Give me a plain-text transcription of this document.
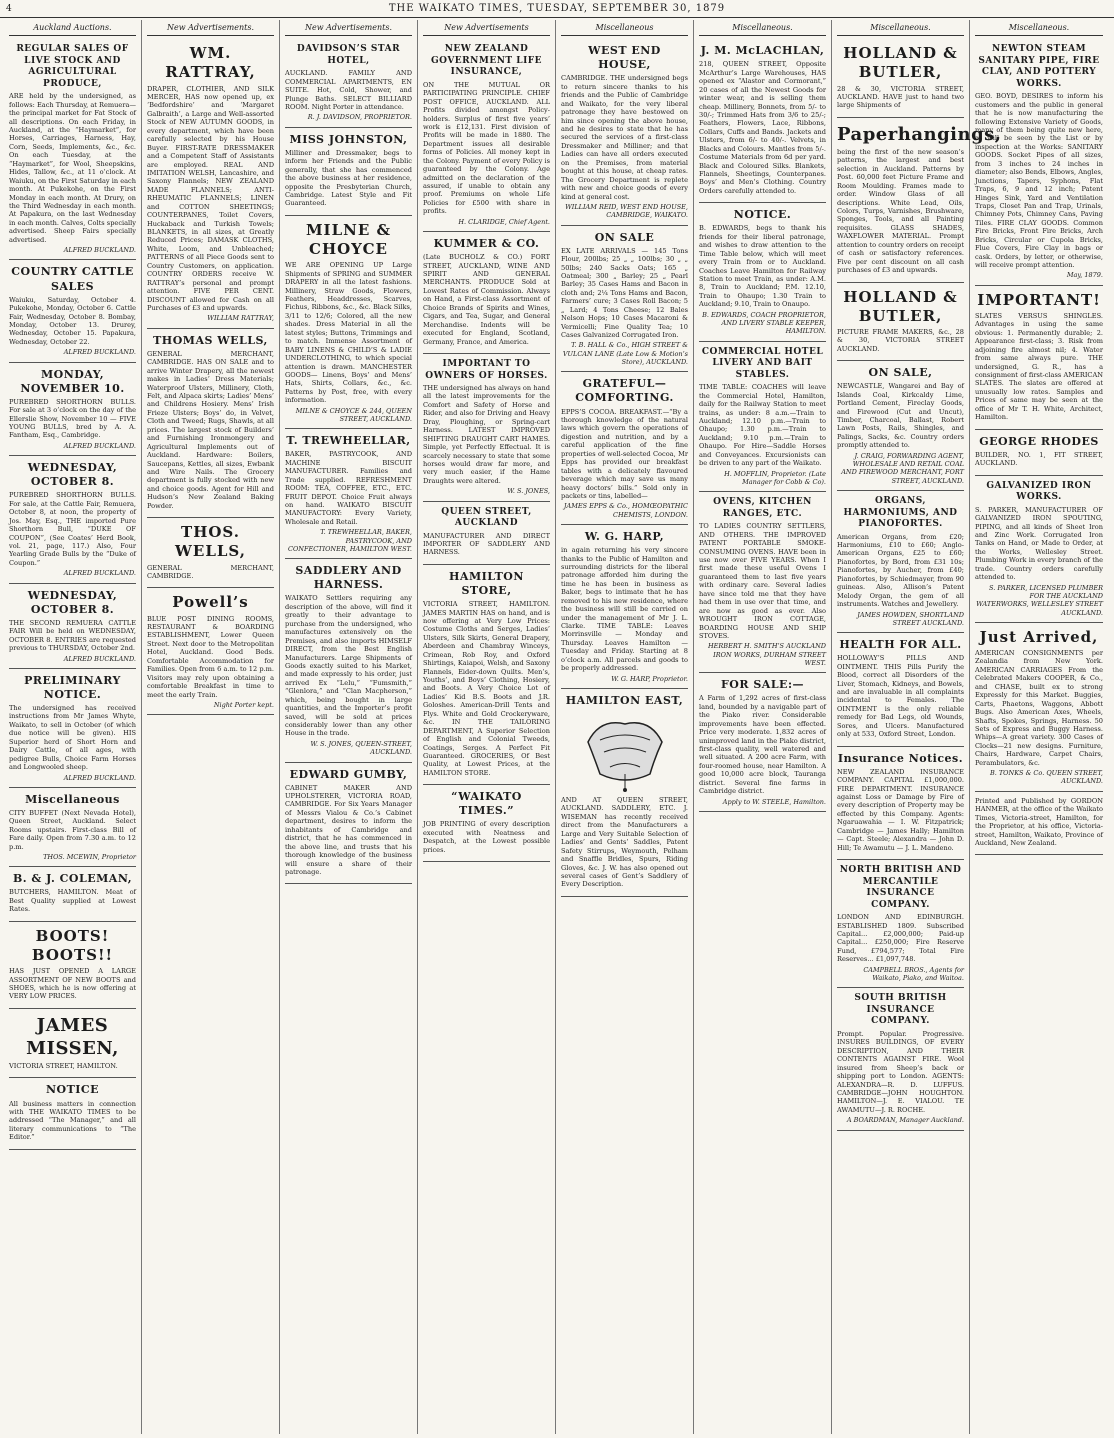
4	THE WAIKATO TIMES, TUESDAY, SEPTEMBER 30, 1879
Auckland Auctions.
REGULAR SALES OF LIVE STOCK AND AGRICULTURAL PRODUCE,
ARE held by the undersigned, as follows: Each Thursday, at Remuera—the principal market for Fat Stock of all descriptions. On each Friday, in Auckland, at the “Haymarket”, for Horses, Carriages, Harness, Hay, Corn, Seeds, Implements, &c., &c. On each Tuesday, at the “Haymarket”, for Wool, Sheepskins, Hides, Tallow, &c., at 11 o’clock. At Waiuku, on the First Saturday in each month. At Pukekohe, on the First Monday in each month. At Drury, on the Third Wednesday in each month. At Papakura, on the last Wednesday in each month. Calves, Colts specially advertised. Sheep Fairs specially advertised.
ALFRED BUCKLAND.
COUNTRY CATTLE SALES
Waiuku, Saturday, October 4. Pukekohe, Monday, October 6. Cattle Fair, Wednesday, October 8. Bombay, Monday, October 13. Drurey, Wednesday, October 15. Papakura, Wednesday, October 22.
ALFRED BUCKLAND.
MONDAY, NOVEMBER 10.
PUREBRED SHORTHORN BULLS. For sale at 3 o’clock on the day of the Ellerslie Show, November 10 — FIVE YOUNG BULLS, bred by A. A. Fantham, Esq., Cambridge.
ALFRED BUCKLAND.
WEDNESDAY, OCTOBER 8.
PUREBRED SHORTHORN BULLS. For sale, at the Cattle Fair, Remuera, October 8, at noon, the property of Jos. May, Esq., THE imported Pure Shorthorn Bull, “DUKE OF COUPON”, (See Coates’ Herd Book, vol. 21, page, 117.) Also, Four Yearling Grade Bulls by the “Duke of Coupon.”
ALFRED BUCKLAND.
WEDNESDAY, OCTOBER 8.
THE SECOND REMUERA CATTLE FAIR Will be held on WEDNESDAY, OCTOBER 8. ENTRIES are requested previous to THURSDAY, October 2nd.
ALFRED BUCKLAND.
PRELIMINARY NOTICE.
The undersigned has received instructions from Mr James Whyte, Waikato, to sell in October (of which due notice will be given). HIS Superior herd of Short Horn and Dairy Cattle, of all ages, with pedigree Bulls, Choice Farm Horses and Longwooled sheep.
ALFRED BUCKLAND.
Miscellaneous
CITY BUFFET (Next Nevada Hotel), Queen Street, Auckland. Select Rooms upstairs. First-class Bill of Fare daily. Open from 7.30 a.m. to 12 p.m.
THOS. MCEWIN, Proprietor
B. & J. COLEMAN,
BUTCHERS, HAMILTON. Meat of Best Quality supplied at Lowest Rates.
BOOTS! BOOTS!!
HAS JUST OPENED A LARGE ASSORTMENT OF NEW BOOTS and SHOES, which he is now offering at VERY LOW PRICES.
JAMES MISSEN,
VICTORIA STREET, HAMILTON.
NOTICE
All business matters in connection with THE WAIKATO TIMES to be addressed “The Manager,” and all literary communications to “The Editor.”
New Advertisements.
WM. RATTRAY,
DRAPER, CLOTHIER, AND SILK MERCER, HAS now opened up, ex ‘Bedfordshire’ and ‘Margaret Galbraith’, a Large and Well-assorted Stock of NEW AUTUMN GOODS, in every department, which have been carefully selected by his House Buyer. FIRST-RATE DRESSMAKER and a Competent Staff of Assistants are employed. REAL AND IMITATION WELSH, Lancashire, and Saxony Flannels; NEW ZEALAND MADE FLANNELS; ANTI-RHEUMATIC FLANNELS; LINEN and COTTON SHEETINGS; COUNTERPANES, Toilet Covers, Huckaback and Turkish Towels; BLANKETS, in all sizes, at Greatly Reduced Prices; DAMASK CLOTHS, White, Loom, and Unbleached; PATTERNS of all Piece Goods sent to Country Customers, on application. COUNTRY ORDERS receive W. RATTRAY’s personal and prompt attention. FIVE PER CENT. DISCOUNT allowed for Cash on all Purchases of £3 and upwards.
WILLIAM RATTRAY,
THOMAS WELLS,
GENERAL MERCHANT, CAMBRIDGE. HAS ON SALE and to arrive Winter Drapery, all the newest makes in Ladies’ Dress Materials; Waterproof Ulsters, Millinery, Cloth, Felt, and Alpaca skirts; Ladies’ Mens’ and Childrens Hosiery. Mens’ Irish Frieze Ulsters; Boys’ do, in Velvet, Cloth and Tweed; Rugs, Shawls, at all prices. The largest stock of Builders’ and Furnishing Ironmongery and Agricultural Implements out of Auckland. Hardware: Boilers, Saucepans, Kettles, all sizes, Ewbank and Wire Nails. The Grocery department is fully stocked with new and choice goods. Agent for Hill and Hudson’s New Zealand Baking Powder.
THOS. WELLS,
GENERAL MERCHANT, CAMBRIDGE.
Powell’s
BLUE POST DINING ROOMS, RESTAURANT & BOARDING ESTABLISHMENT, Lower Queen Street. Next door to the Metropolitan Hotel, Auckland. Good Beds. Comfortable Accommodation for Families. Open from 6 a.m. to 12 p.m. Visitors may rely upon obtaining a comfortable Breakfast in time to meet the early Train.
Night Porter kept.
New Advertisements.
DAVIDSON’S STAR HOTEL,
AUCKLAND. FAMILY AND COMMERCIAL APARTMENTS, EN SUITE. Hot, Cold, Shower, and Plunge Baths. SELECT BILLIARD ROOM. Night Porter in attendance.
R. J. DAVIDSON, PROPRIETOR.
MISS JOHNSTON,
Milliner and Dressmaker, begs to inform her Friends and the Public generally, that she has commenced the above business at her residence, opposite the Presbyterian Church, Cambridge. Latest Style and Fit Guaranteed.
MILNE & CHOYCE
WE ARE OPENING UP Large Shipments of SPRING and SUMMER DRAPERY in all the latest fashions. Millinery, Straw Goods, Flowers, Feathers, Headdresses, Scarves, Fichus, Ribbons, &c., &c. Black Silks, 3/11 to 12/6; Colored, all the new shades. Dress Material in all the latest styles; Buttons, Trimmings and to match. Immense Assortment of BABY LINENS & CHILD’S & LADIE UNDERCLOTHING, to which special attention is drawn. MANCHESTER GOODS— Linens, Boys’ and Mens’ Hats, Shirts, Collars, &c., &c. Patterns by Post, free, with every information.
MILNE & CHOYCE & 244, QUEEN STREET, AUCKLAND.
T. TREWHEELLAR,
BAKER, PASTRYCOOK, AND MACHINE BISCUIT MANUFACTURER. Families and Trade supplied. REFRESHMENT ROOM: TEA, COFFEE, ETC., ETC. FRUIT DEPOT. Choice Fruit always on hand. WAIKATO BISCUIT MANUFACTORY: Every Variety, Wholesale and Retail.
T. TREWHEELLAR, BAKER, PASTRYCOOK, AND CONFECTIONER, HAMILTON WEST.
SADDLERY AND HARNESS.
WAIKATO Settlers requiring any description of the above, will find it greatly to their advantage to purchase from the undersigned, who manufactures extensively on the Premises, and also imports HIMSELF DIRECT, from the Best English Manufacturers. Large Shipments of Goods exactly suited to his Market, and made expressly to his order, just arrived Ex “Lelu,” “Fumsmith,” “Glenlora,” and “Clan Macpherson,” which, being bought in large quantities, and the Importer’s profit saved, will be sold at prices considerably lower than any other House in the trade.
W. S. JONES, QUEEN-STREET, AUCKLAND.
EDWARD GUMBY,
CABINET MAKER AND UPHOLSTERER, VICTORIA ROAD, CAMBRIDGE. For Six Years Manager of Messrs Vialou & Co.’s Cabinet department, desires to inform the inhabitants of Cambridge and district, that he has commenced in the above line, and trusts that his thorough knowledge of the business will ensure a share of their patronage.
New Advertisements
NEW ZEALAND GOVERNMENT LIFE INSURANCE,
ON THE MUTUAL OR PARTICIPATING PRINCIPLE. CHIEF POST OFFICE, AUCKLAND. ALL Profits divided amongst Policy-holders. Surplus of first five years’ work is £12,131. First division of Profits will be made in 1880. The Department issues all desirable forms of Policies. All money kept in the Colony. Payment of every Policy is guaranteed by the Colony. Age admitted on the declaration of the assured, if unable to obtain any proof. Premiums on whole Life Policies for £500 with share in profits.
H. CLARIDGE, Chief Agent.
KUMMER & CO.
(Late BUCHOLZ & CO.) FORT STREET, AUCKLAND, WINE AND SPIRIT AND GENERAL MERCHANTS. PRODUCE Sold at Lowest Rates of Commission. Always on Hand, a First-class Assortment of Choice Brands of Spirits and Wines, Cigars, and Tea, Sugar, and General Merchandise. Indents will be executed for England, Scotland, Germany, France, and America.
IMPORTANT TO OWNERS OF HORSES.
THE undersigned has always on hand all the latest improvements for the Comfort and Safety of Horse and Rider, and also for Driving and Heavy Dray, Ploughing, or Spring-cart Harness. LATEST IMPROVED SHIFTING DRAUGHT CART HAMES. Simple, yet Perfectly Effectual. It is scarcely necessary to state that some horses would draw far more, and very much easier, if the Hame Draughts were altered.
W. S. JONES,
QUEEN STREET, AUCKLAND
MANUFACTURER AND DIRECT IMPORTER OF SADDLERY AND HARNESS.
HAMILTON STORE,
VICTORIA STREET, HAMILTON. JAMES MARTIN HAS on hand, and is now offering at Very Low Prices: Costume Cloths and Serges, Ladies’ Ulsters, Silk Skirts, General Drapery, Aberdeen and Chambray Winceys, Crimean, Rob Roy, and Oxford Shirtings, Kaiapoi, Welsh, and Saxony Flannels, Eider-down Quilts. Men’s, Youths’, and Boys’ Clothing, Hosiery, and Boots. A Very Choice Lot of Ladies’ Kid B.S. Boots and J.R. Goloshes. American-Drill Tents and Flys. White and Gold Crockeryware, &c. IN THE TAILORING DEPARTMENT, A Superior Selection of English and Colonial Tweeds, Coatings, Serges. A Perfect Fit Guaranteed. GROCERIES, Of Best Quality, at Lowest Prices, at the HAMILTON STORE.
“WAIKATO TIMES.”
JOB PRINTING of every description executed with Neatness and Despatch, at the Lowest possible prices.
Miscellaneous
WEST END HOUSE,
CAMBRIDGE. THE undersigned begs to return sincere thanks to his friends and the Public of Cambridge and Waikato, for the very liberal patronage they have bestowed on him since opening the above house, and he desires to state that he has secured the services of a first-class Dressmaker and Milliner; and that Ladies can have all orders executed on the Premises, from material bought at this house, at cheap rates. The Grocery Department is replete with new and choice goods of every kind at general cost.
WILLIAM REID, WEST END HOUSE, CAMBRIDGE, WAIKATO.
ON SALE
EX LATE ARRIVALS — 145 Tons Flour, 200lbs; 25 „ „ 100lbs; 30 „ „ 50lbs; 240 Sacks Oats; 165 „ Oatmeal; 300 „ Barley; 25 „ Pearl Barley; 35 Cases Hams and Bacon in cloth and; 2¼ Tons Hams and Bacon, Farmers’ cure; 3 Cases Roll Bacon; 5 „ Lard; 4 Tons Cheese; 12 Bales Nelson Hops; 10 Cases Macaroni & Vermicelli; Fine Quality Tea; 10 Cases Galvanized Corrugated Iron.
T. B. HALL & Co., HIGH STREET & VULCAN LANE (Late Low & Motion’s Store), AUCKLAND.
GRATEFUL—COMFORTING.
EPPS’S COCOA. BREAKFAST.—“By a thorough knowledge of the natural laws which govern the operations of digestion and nutrition, and by a careful application of the fine properties of well-selected Cocoa, Mr Epps has provided our breakfast tables with a delicately flavoured beverage which may save us many heavy doctors’ bills.” Sold only in packets or tins, labelled—
JAMES EPPS & Co., HOMŒOPATHIC CHEMISTS, LONDON.
W. G. HARP,
in again returning his very sincere thanks to the Public of Hamilton and surrounding districts for the liberal patronage afforded him during the time he has been in business as Baker, begs to intimate that he has removed to his new residence, where the business will still be carried on under the management of Mr J. L. Clarke. TIME TABLE: Leaves Morrinsville — Monday and Thursday. Leaves Hamilton — Tuesday and Friday. Starting at 8 o’clock a.m. All parcels and goods to be properly addressed.
W. G. HARP, Proprietor.
HAMILTON EAST,
AND AT QUEEN STREET, AUCKLAND. SADDLERY, ETC. J. WISEMAN has recently received direct from the Manufacturers a Large and Very Suitable Selection of Ladies’ and Gents’ Saddles, Patent Safety Stirrups, Weymouth, Pelham and Snaffle Bridles, Spurs, Riding Gloves, &c. J. W. has also opened out several cases of Gent’s Saddlery of Every Description.
Miscellaneous.
J. M. McLACHLAN,
218, QUEEN STREET, Opposite McArthur’s Large Warehouses, HAS opened ex “Alastor and Cormorant,” 20 cases of all the Newest Goods for winter wear, and is selling them cheap. Millinery, Bonnets, from 5/- to 30/-; Trimmed Hats from 3/6 to 25/-; Feathers, Flowers, Lace, Ribbons, Collars, Cuffs and Bands. Jackets and Ulsters, from 6/- to 40/-. Velvets, in Blacks and Colours. Mantles from 5/-. Costume Materials from 6d per yard. Black and Coloured Silks. Blankets, Flannels, Sheetings, Counterpanes. Boys’ and Men’s Clothing. Country Orders carefully attended to.
NOTICE.
B. EDWARDS, begs to thank his friends for their liberal patronage, and wishes to draw attention to the Time Table below, which will meet every Train from or to Auckland. Coaches Leave Hamilton for Railway Station to meet Train, as under: A.M. 8, Train to Auckland; P.M. 12.10, Train to Ohaupo; 1.30 Train to Auckland; 9.10, Train to Onaupo.
B. EDWARDS, COACH PROPRIETOR, AND LIVERY STABLE KEEPER, HAMILTON.
COMMERCIAL HOTEL LIVERY AND BAIT STABLES.
TIME TABLE: COACHES will leave the Commercial Hotel, Hamilton, daily for the Railway Station to meet trains, as under: 8 a.m.—Train to Auckland; 12.10 p.m.—Train to Ohaupo; 1.30 p.m.—Train to Auckland; 9.10 p.m.—Train to Ohaupo. For Hire—Saddle Horses and Conveyances. Excursionists can be driven to any part of the Waikato.
H. MOFFLIN, Proprietor. (Late Manager for Cobb & Co).
OVENS, KITCHEN RANGES, ETC.
TO LADIES COUNTRY SETTLERS, AND OTHERS. THE IMPROVED PATENT PORTABLE SMOKE-CONSUMING OVENS. HAVE been in use now over FIVE YEARS. When I first made these useful Ovens I guaranteed them to last five years with ordinary care. Several ladies have since told me that they have had them in use over that time, and are now as good as ever. Also WROUGHT IRON COTTAGE, BOARDING HOUSE AND SHIP STOVES.
HERBERT H. SMITH’S AUCKLAND IRON WORKS, DURHAM STREET WEST.
FOR SALE:—
A Farm of 1,292 acres of first-class land, bounded by a navigable part of the Piako river. Considerable improvements have been effected. Price very moderate. 1,832 acres of unimproved land in the Piako district, first-class quality, well watered and well situated. A 200 acre Farm, with four-roomed house, near Hamilton. A good 10,000 acre block, Tauranga district. Several fine farms in Cambridge district.
Apply to W. STEELE, Hamilton.
Miscellaneous.
HOLLAND & BUTLER,
28 & 30, VICTORIA STREET, AUCKLAND. HAVE just to hand two large Shipments of
Paperhangings,
being the first of the new season’s patterns, the largest and best selection in Auckland. Patterns by Post. 60,000 feet Picture Frame and Room Moulding. Frames made to order. Window Glass of all descriptions. White Lead, Oils, Colors, Turps, Varnishes, Brushware, Sponges, Tools, and all Painting requisites. GLASS SHADES, WAXFLOWER MATERIAL. Prompt attention to country orders on receipt of cash or satisfactory references. Five per cent discount on all cash purchases of £3 and upwards.
HOLLAND & BUTLER,
PICTURE FRAME MAKERS, &c., 28 & 30, VICTORIA STREET AUCKLAND.
ON SALE,
NEWCASTLE, Wangarei and Bay of Islands Coal, Kirkcaldy Lime, Portland Cement, Fireclay Goods, and Firewood (Cut and Uncut), Timber, Charcoal, Ballast, Robert Lawn Posts, Rails, Shingles, and Palings, Sacks, &c. Country orders promptly attended to.
J. CRAIG, FORWARDING AGENT, WHOLESALE AND RETAIL COAL AND FIREWOOD MERCHANT, FORT STREET, AUCKLAND.
ORGANS, HARMONIUMS, AND PIANOFORTES.
American Organs, from £20; Harmoniums, £10 to £60; Anglo-American Organs, £25 to £60; Pianofortes, by Bord, from £31 10s; Pianofortes, by Aucher, from £40; Pianofortes, by Schiedmayer, from 90 guineas. Also, Allison’s Patent Melody Organ, the gem of all instruments. Watches and Jewellery.
JAMES HOWDEN, SHORTLAND STREET AUCKLAND.
HEALTH FOR ALL.
HOLLOWAY’S PILLS AND OINTMENT. THIS Pills Purify the Blood, correct all Disorders of the Liver, Stomach, Kidneys, and Bowels, and are invaluable in all complaints incidental to Females. The OINTMENT is the only reliable remedy for Bad Legs, old Wounds, Sores, and Ulcers. Manufactured only at 533, Oxford Street, London.
Insurance Notices.
NEW ZEALAND INSURANCE COMPANY. CAPITAL £1,000,000. FIRE DEPARTMENT. INSURANCE against Loss or Damage by Fire of every description of Property may be effected by this Company. Agents: Ngaruawahia — I. W. Fitzpatrick; Cambridge — James Hally; Hamilton — Capt. Steele; Alexandra — John D. Hill; Te Awamutu — J. L. Mandeno.
NORTH BRITISH AND MERCANTILE INSURANCE COMPANY.
LONDON AND EDINBURGH. ESTABLISHED 1809. Subscribed Capital... £2,000,000; Paid-up Capital... £250,000; Fire Reserve Fund, £794,577; Total Fire Reserves... £1,097,748.
CAMPBELL BROS., Agents for Waikato, Piako, and Waitoa.
SOUTH BRITISH INSURANCE COMPANY.
Prompt. Popular. Progressive. INSURES BUILDINGS, OF EVERY DESCRIPTION, AND THEIR CONTENTS AGAINST FIRE. Wool insured from Sheep’s back or shipping port to London. AGENTS: ALEXANDRA—R. D. LUFFUS. CAMBRIDGE—JOHN HOUGHTON. HAMILTON—J. E. VIALOU. TE AWAMUTU—J. R. ROCHE.
A BOARDMAN, Manager Auckland.
Miscellaneous.
NEWTON STEAM SANITARY PIPE, FIRE CLAY, AND POTTERY WORKS.
GEO. BOYD, DESIRES to inform his customers and the public in general that he is now manufacturing the following Extensive Variety of Goods, many of them being quite new here, as will be seen by the List or by inspection at the Works: SANITARY GOODS. Socket Pipes of all sizes, from 3 inches to 24 inches in diameter; also Bends, Elbows, Angles, Junctions, Tapers, Syphons, Flat Traps, 6, 9 and 12 inch; Patent Hinges Sink, Yard and Ventilation Traps, Closet Pan and Trap, Urinals, Chimney Pots, Chimney Cans, Paving Tiles. FIRE CLAY GOODS. Common Fire Bricks, Front Fire Bricks, Arch Bricks, Circular or Cupola Bricks, Flue Covers, Fire Clay in bags or cask. Orders, by letter, or otherwise, will receive prompt attention.
May, 1879.
IMPORTANT!
SLATES VERSUS SHINGLES. Advantages in using the same obvious: 1. Permanently durable; 2. Appearance first-class; 3. Risk from adjoining fire almost nil; 4. Water from same always pure. THE undersigned, G. R., has a consignment of first-class AMERICAN SLATES. The slates are offered at unusually low rates. Samples and Prices of same may be seen at the office of Mr T. H. White, Architect, Hamilton.
GEORGE RHODES
BUILDER, NO. 1, FIT STREET, AUCKLAND.
GALVANIZED IRON WORKS.
S. PARKER, MANUFACTURER OF GALVANIZED IRON SPOUTING, PIPING, and all kinds of Sheet Iron and Zinc Work. Corrugated Iron Tanks on Hand, or Made to Order, at the Works, Wellesley Street. Plumbing Work in every branch of the trade. Country orders carefully attended to.
S. PARKER, LICENSED PLUMBER FOR THE AUCKLAND WATERWORKS, WELLESLEY STREET AUCKLAND.
Just Arrived,
AMERICAN CONSIGNMENTS per Zealandia from New York. AMERICAN CARRIAGES From the Celebrated Makers COOPER, & Co., and CHASE, built ex to strong Expressly for this Market. Buggies, Carts, Phaetons, Waggons, Abbott Bugs. Also American Axes, Wheels, Shafts, Spokes, Springs, Harness. 50 Sets of Express and Buggy Harness. Whips—A great variety. 300 Cases of Clocks—21 new designs. Furniture, Chairs, Hardware, Carpet Chairs, Perambulators, &c.
B. TONKS & Co. QUEEN STREET, AUCKLAND.
Printed and Published by GORDON HANMER, at the office of the Waikato Times, Victoria-street, Hamilton, for the Proprietor, at his office, Victoria-street, Hamilton, Waikato, Province of Auckland, New Zealand.
